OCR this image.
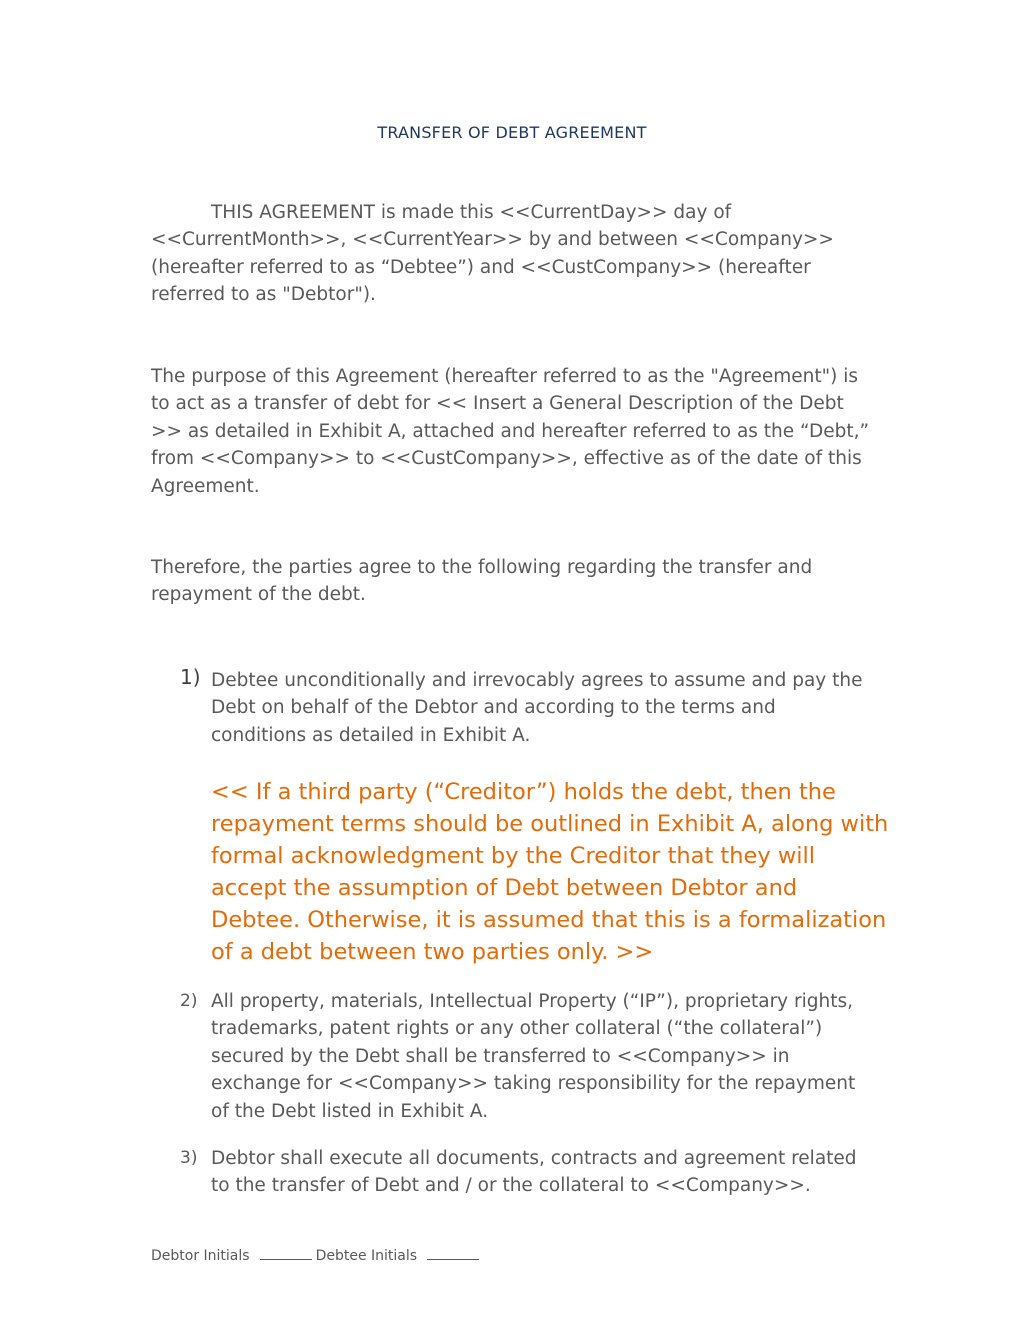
TRANSFER OF DEBT AGREEMENT

THIS AGREEMENT is made this <<CurrentDay>> day of <<CurrentMonth>>, <<CurrentYear>> by and between <<Company>> (hereafter referred to as “Debtee”) and <<CustCompany>> (hereafter referred to as "Debtor").

The purpose of this Agreement (hereafter referred to as the "Agreement") is to act as a transfer of debt for << Insert a General Description of the Debt >> as detailed in Exhibit A, attached and hereafter referred to as the “Debt,” from <<Company>> to <<CustCompany>>, effective as of the date of this Agreement.

Therefore, the parties agree to the following regarding the transfer and repayment of the debt.

1) Debtee unconditionally and irrevocably agrees to assume and pay the Debt on behalf of the Debtor and according to the terms and conditions as detailed in Exhibit A.
<< If a third party (“Creditor”) holds the debt, then the repayment terms should be outlined in Exhibit A, along with formal acknowledgment by the Creditor that they will accept the assumption of Debt between Debtor and Debtee. Otherwise, it is assumed that this is a formalization of a debt between two parties only. >>
2) All property, materials, Intellectual Property (“IP”), proprietary rights, trademarks, patent rights or any other collateral (“the collateral”) secured by the Debt shall be transferred to <<Company>> in exchange for <<Company>> taking responsibility for the repayment of the Debt listed in Exhibit A.
3) Debtor shall execute all documents, contracts and agreement related to the transfer of Debt and / or the collateral to <<Company>>.
Debtor Initials	Debtee Initials
